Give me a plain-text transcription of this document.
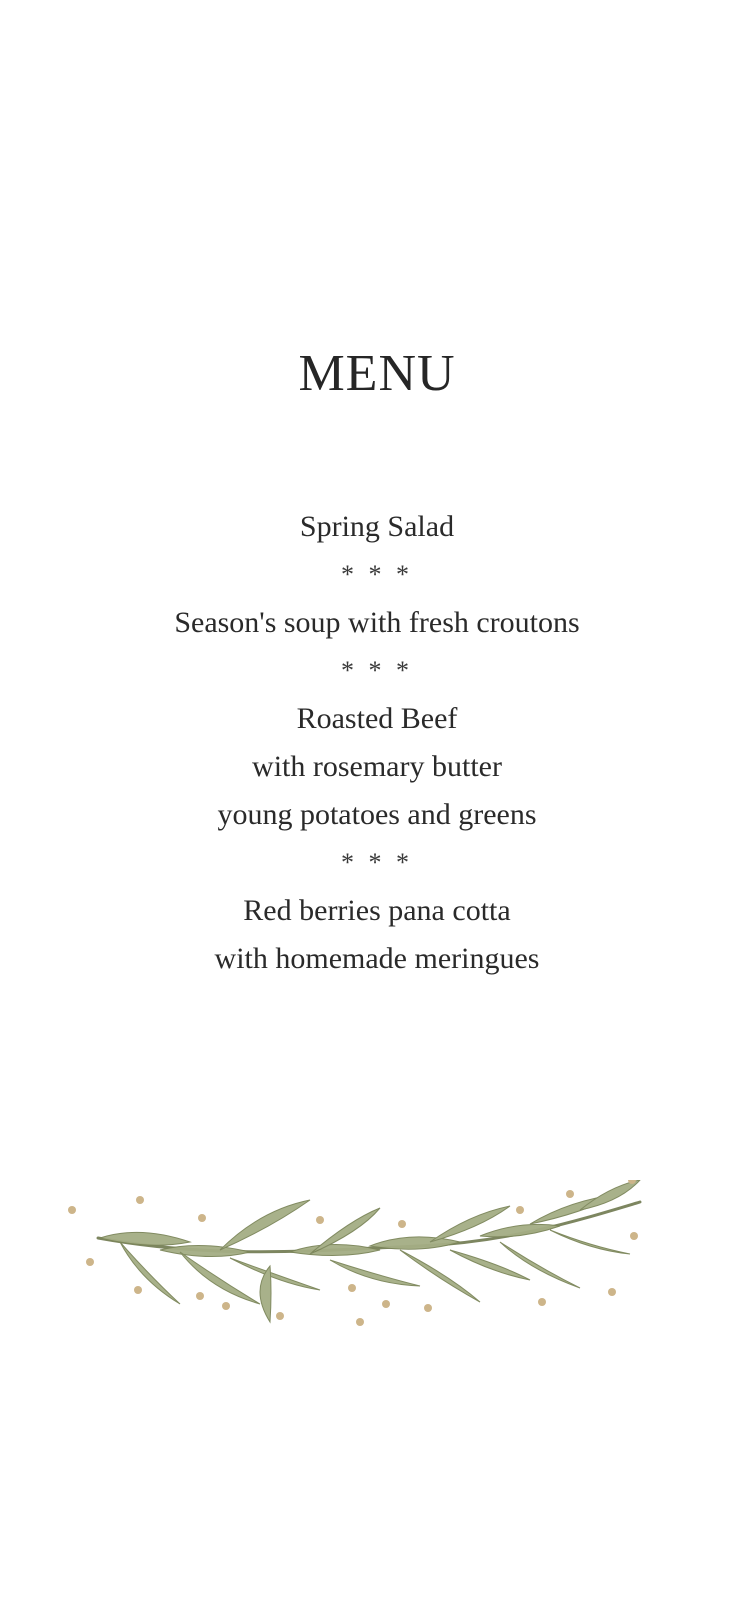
MENU
Spring Salad
* * *
Season's soup with fresh croutons
* * *
Roasted Beef
with rosemary butter
young potatoes and greens
* * *
Red berries pana cotta
with homemade meringues
